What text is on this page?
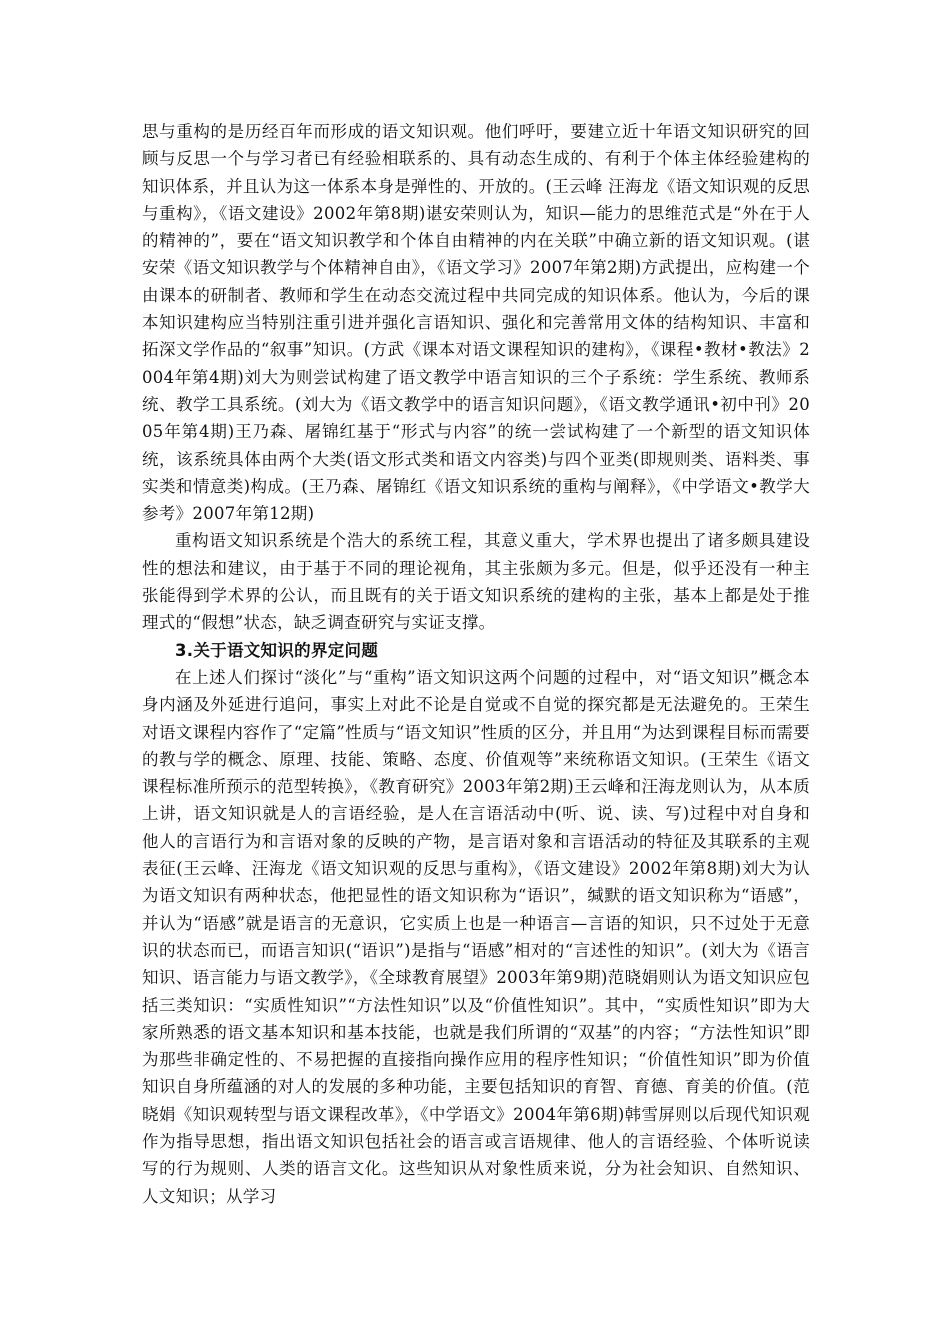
思与重构的是历经百年而形成的语文知识观。他们呼吁，要建立近十年语文知识研究的回顾与反思一个与学习者已有经验相联系的、具有动态生成的、有利于个体主体经验建构的知识体系，并且认为这一体系本身是弹性的、开放的。(王云峰 汪海龙《语文知识观的反思与重构》，《语文建设》2002年第8期)谌安荣则认为，知识—能力的思维范式是“外在于人的精神的”，要在“语文知识教学和个体自由精神的内在关联”中确立新的语文知识观。(谌安荣《语文知识教学与个体精神自由》，《语文学习》2007年第2期)方武提出，应构建一个由课本的研制者、教师和学生在动态交流过程中共同完成的知识体系。他认为，今后的课本知识建构应当特别注重引进并强化言语知识、强化和完善常用文体的结构知识、丰富和拓深文学作品的“叙事”知识。(方武《课本对语文课程知识的建构》，《课程•教材•教法》2004年第4期)刘大为则尝试构建了语文教学中语言知识的三个子系统：学生系统、教师系统、教学工具系统。(刘大为《语文教学中的语言知识问题》，《语文教学通讯•初中刊》2005年第4期)王乃森、屠锦红基于“形式与内容”的统一尝试构建了一个新型的语文知识体统，该系统具体由两个大类(语文形式类和语文内容类)与四个亚类(即规则类、语料类、事实类和情意类)构成。(王乃森、屠锦红《语文知识系统的重构与阐释》，《中学语文•教学大参考》2007年第12期)

重构语文知识系统是个浩大的系统工程，其意义重大，学术界也提出了诸多颇具建设性的想法和建议，由于基于不同的理论视角，其主张颇为多元。但是，似乎还没有一种主张能得到学术界的公认，而且既有的关于语文知识系统的建构的主张，基本上都是处于推理式的“假想”状态，缺乏调查研究与实证支撑。

3.关于语文知识的界定问题

在上述人们探讨“淡化”与“重构”语文知识这两个问题的过程中，对“语文知识”概念本身内涵及外延进行追问，事实上对此不论是自觉或不自觉的探究都是无法避免的。王荣生对语文课程内容作了“定篇”性质与“语文知识”性质的区分，并且用“为达到课程目标而需要的教与学的概念、原理、技能、策略、态度、价值观等”来统称语文知识。(王荣生《语文课程标准所预示的范型转换》，《教育研究》2003年第2期)王云峰和汪海龙则认为，从本质上讲，语文知识就是人的言语经验，是人在言语活动中(听、说、读、写)过程中对自身和他人的言语行为和言语对象的反映的产物，是言语对象和言语活动的特征及其联系的主观表征(王云峰、汪海龙《语文知识观的反思与重构》，《语文建设》2002年第8期)刘大为认为语文知识有两种状态，他把显性的语文知识称为“语识”，缄默的语文知识称为“语感”，并认为“语感”就是语言的无意识，它实质上也是一种语言—言语的知识，只不过处于无意识的状态而已，而语言知识(“语识”)是指与“语感”相对的“言述性的知识”。(刘大为《语言知识、语言能力与语文教学》，《全球教育展望》2003年第9期)范晓娟则认为语文知识应包括三类知识：“实质性知识”“方法性知识”以及“价值性知识”。其中，“实质性知识”即为大家所熟悉的语文基本知识和基本技能，也就是我们所谓的“双基”的内容；“方法性知识”即为那些非确定性的、不易把握的直接指向操作应用的程序性知识；“价值性知识”即为价值知识自身所蕴涵的对人的发展的多种功能，主要包括知识的育智、育德、育美的价值。(范晓娟《知识观转型与语文课程改革》，《中学语文》2004年第6期)韩雪屏则以后现代知识观作为指导思想，指出语文知识包括社会的语言或言语规律、他人的言语经验、个体听说读写的行为规则、人类的语言文化。这些知识从对象性质来说，分为社会知识、自然知识、人文知识；从学习
